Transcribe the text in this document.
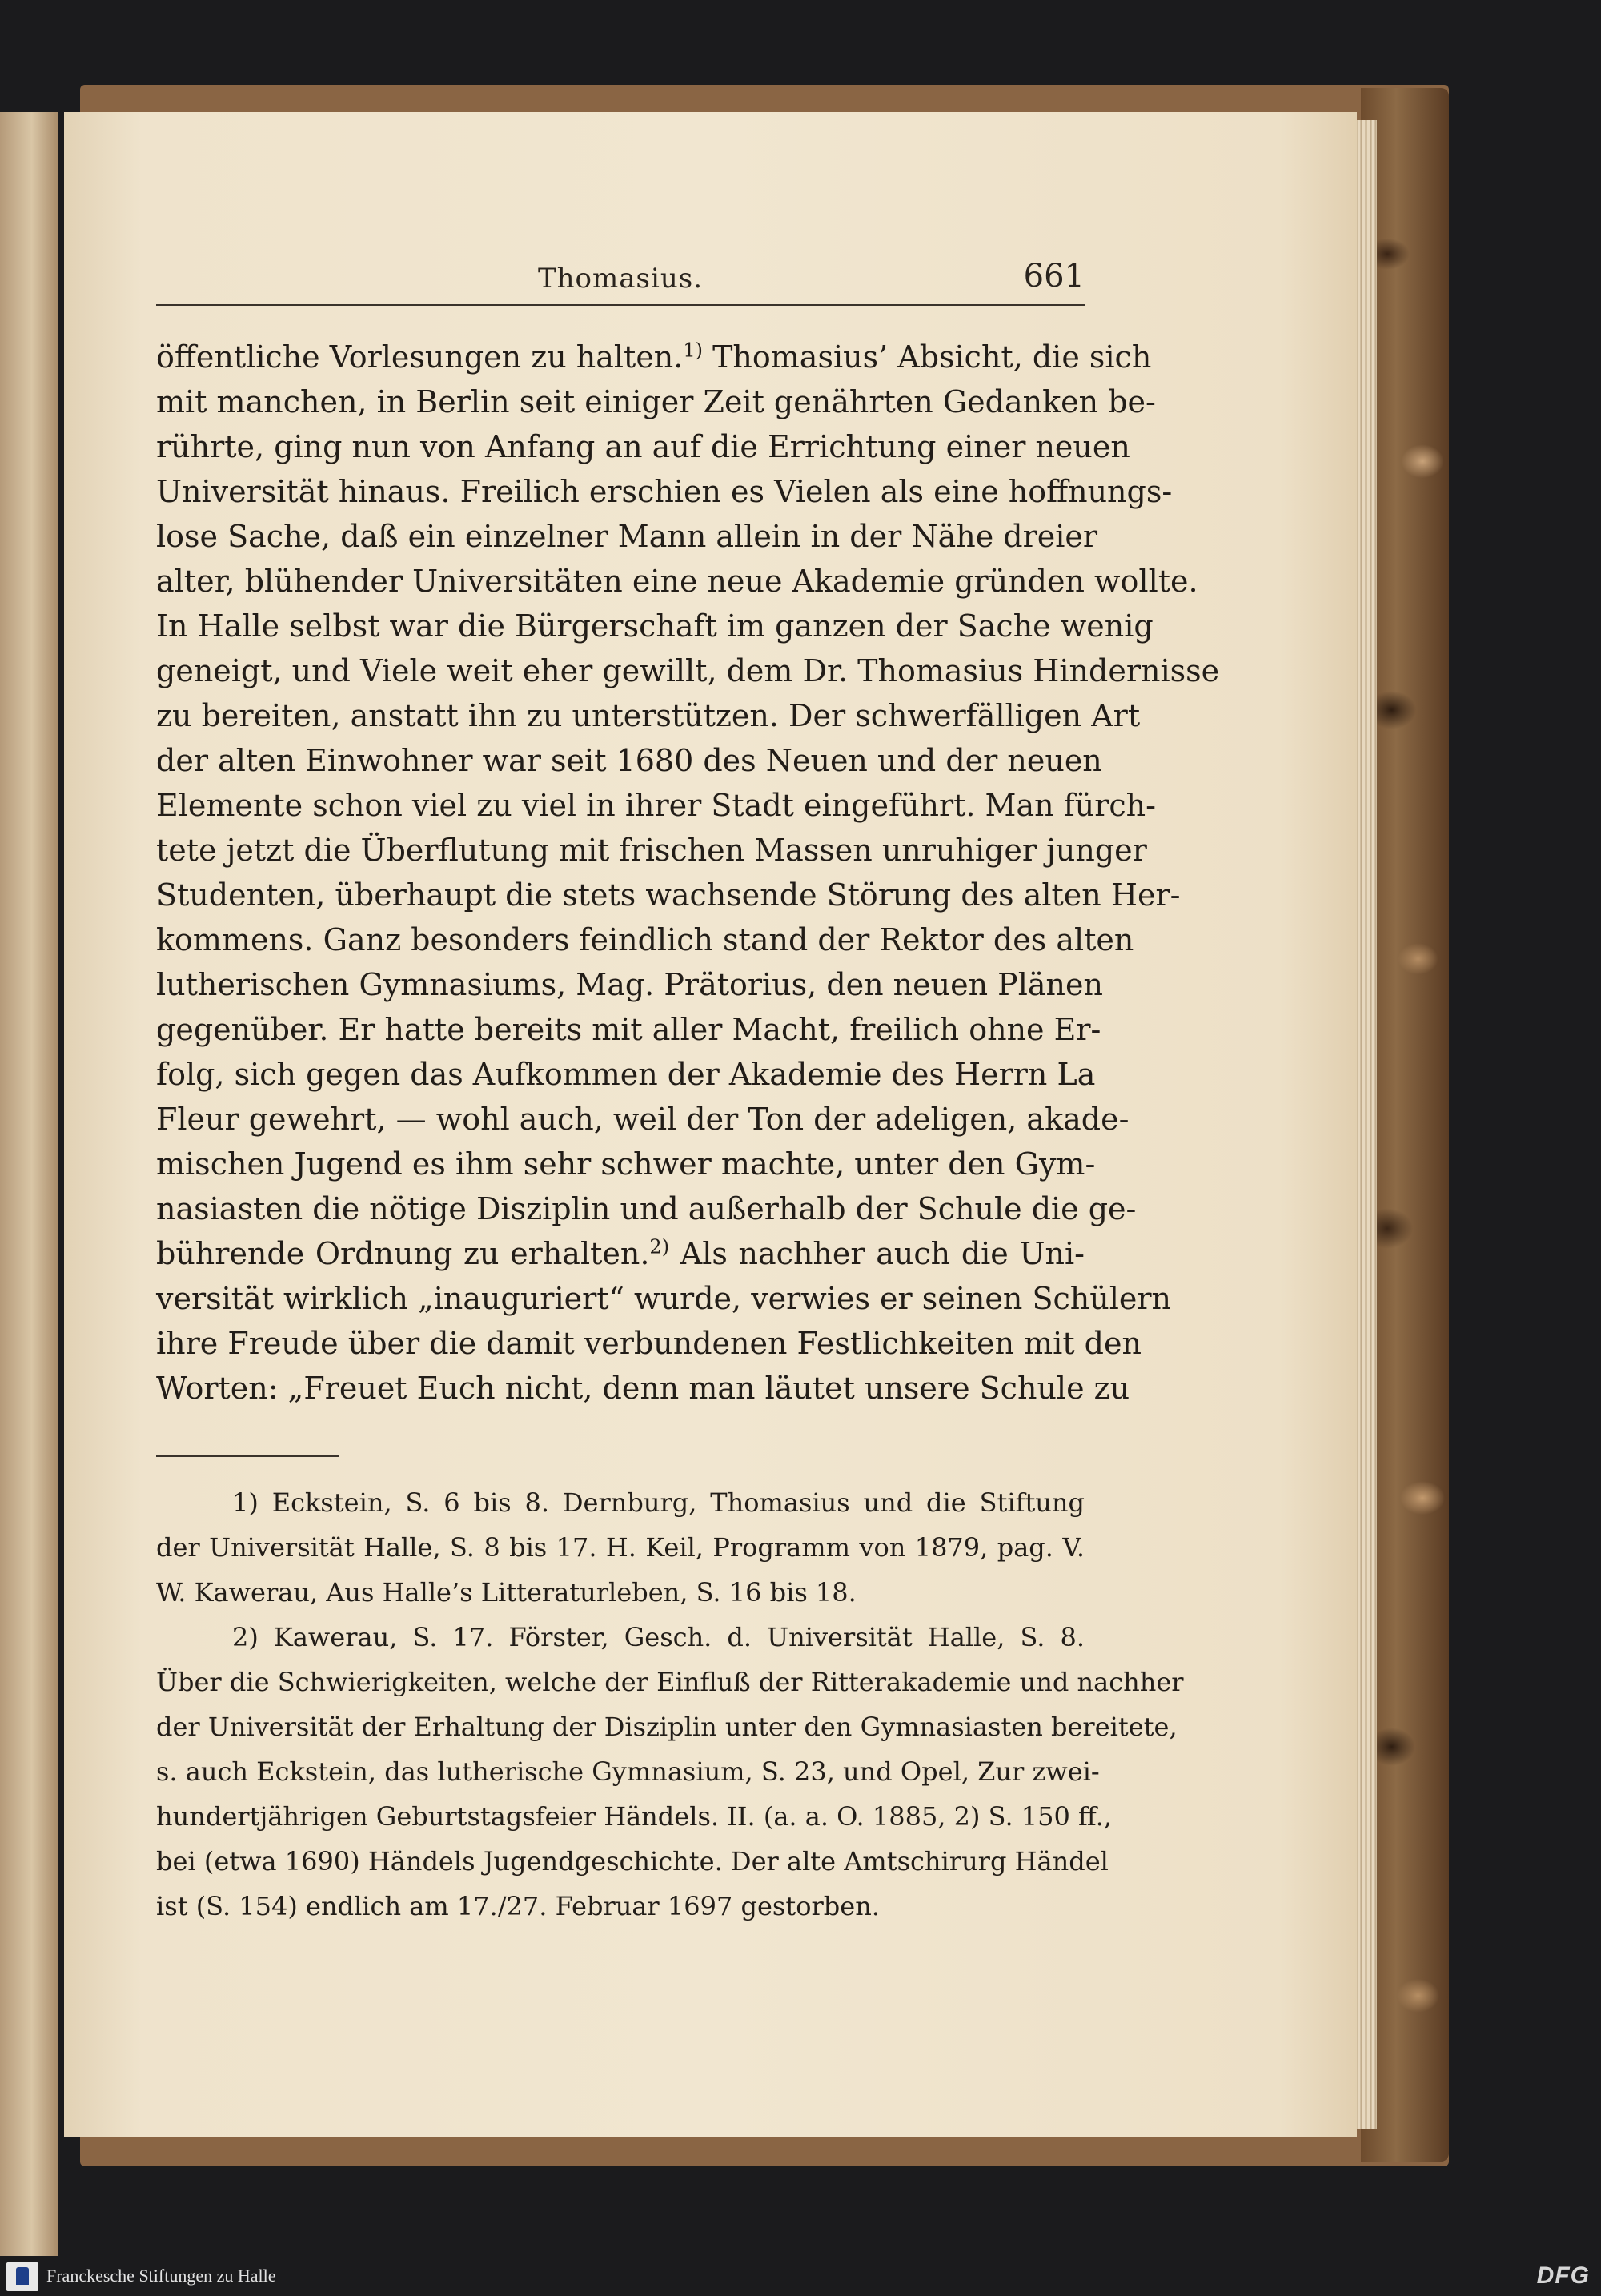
Thomasius.	661
öffentliche Vorlesungen zu halten.$^{1)}$ Thomasius’ Absicht, die sich
mit manchen, in Berlin seit einiger Zeit genährten Gedanken be-
rührte, ging nun von Anfang an auf die Errichtung einer neuen
Universität hinaus. Freilich erschien es Vielen als eine hoffnungs-
lose Sache, daß ein einzelner Mann allein in der Nähe dreier
alter, blühender Universitäten eine neue Akademie gründen wollte.
In Halle selbst war die Bürgerschaft im ganzen der Sache wenig
geneigt, und Viele weit eher gewillt, dem Dr. Thomasius Hindernisse
zu bereiten, anstatt ihn zu unterstützen. Der schwerfälligen Art
der alten Einwohner war seit 1680 des Neuen und der neuen
Elemente schon viel zu viel in ihrer Stadt eingeführt. Man fürch-
tete jetzt die Überflutung mit frischen Massen unruhiger junger
Studenten, überhaupt die stets wachsende Störung des alten Her-
kommens. Ganz besonders feindlich stand der Rektor des alten
lutherischen Gymnasiums, Mag. Prätorius, den neuen Plänen
gegenüber. Er hatte bereits mit aller Macht, freilich ohne Er-
folg, sich gegen das Aufkommen der Akademie des Herrn La
Fleur gewehrt, — wohl auch, weil der Ton der adeligen, akade-
mischen Jugend es ihm sehr schwer machte, unter den Gym-
nasiasten die nötige Disziplin und außerhalb der Schule die ge-
bührende Ordnung zu erhalten.$^{2)}$ Als nachher auch die Uni-
versität wirklich „inauguriert“ wurde, verwies er seinen Schülern
ihre Freude über die damit verbundenen Festlichkeiten mit den
Worten: „Freuet Euch nicht, denn man läutet unsere Schule zu
1) Eckstein, S. 6 bis 8. Dernburg, Thomasius und die Stiftung
der Universität Halle, S. 8 bis 17. H. Keil, Programm von 1879, pag. V.
W. Kawerau, Aus Halle’s Litteraturleben, S. 16 bis 18.
2) Kawerau, S. 17. Förster, Gesch. d. Universität Halle, S. 8.
Über die Schwierigkeiten, welche der Einfluß der Ritterakademie und nachher
der Universität der Erhaltung der Disziplin unter den Gymnasiasten bereitete,
s. auch Eckstein, das lutherische Gymnasium, S. 23, und Opel, Zur zwei-
hundertjährigen Geburtstagsfeier Händels. II. (a. a. O. 1885, 2) S. 150 ff.,
bei (etwa 1690) Händels Jugendgeschichte. Der alte Amtschirurg Händel
ist (S. 154) endlich am 17./27. Februar 1697 gestorben.
Franckesche Stiftungen zu Halle	DFG
